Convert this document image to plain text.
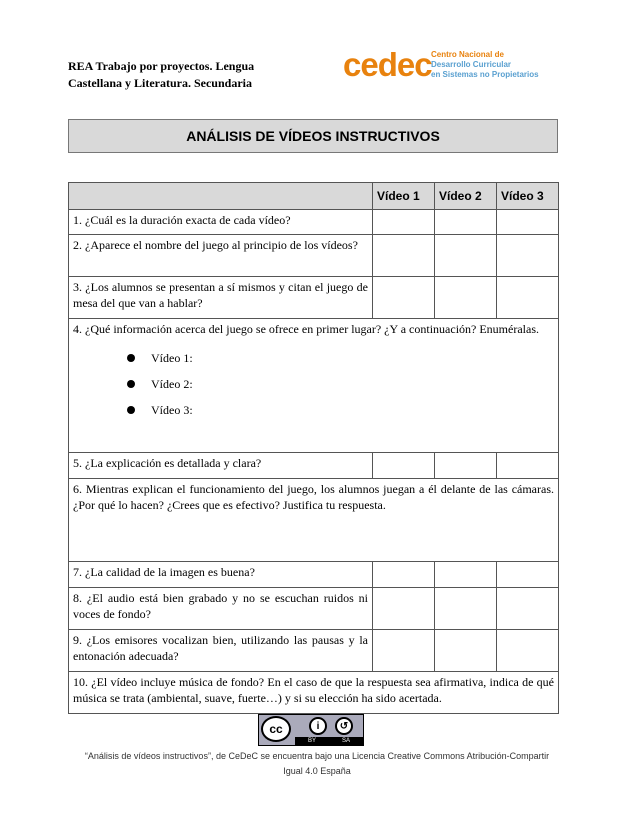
REA Trabajo por proyectos. Lengua Castellana y Literatura. Secundaria	cedec Centro Nacional de
Desarrollo Curricular
en Sistemas no Propietarios
ANÁLISIS DE VÍDEOS INSTRUCTIVOS
	Vídeo 1	Vídeo 2	Vídeo 3
1. ¿Cuál es la duración exacta de cada vídeo?			
2. ¿Aparece el nombre del juego al principio de los vídeos?			
3. ¿Los alumnos se presentan a sí mismos y citan el juego de mesa del que van a hablar?			

4. ¿Qué información acerca del juego se ofrece en primer lugar? ¿Y a continuación? Enuméralas.
Vídeo 1:
Vídeo 2:
Vídeo 3:			

5. ¿La explicación es detallada y clara?			
6. Mientras explican el funcionamiento del juego, los alumnos juegan a él delante de las cámaras. ¿Por qué lo hacen? ¿Crees que es efectivo? Justifica tu respuesta.			
7. ¿La calidad de la imagen es buena?			
8. ¿El audio está bien grabado y no se escuchan ruidos ni voces de fondo?			
9. ¿Los emisores vocalizan bien, utilizando las pausas y la entonación adecuada?			
10. ¿El vídeo incluye música de fondo? En el caso de que la respuesta sea afirmativa, indica de qué música se trata (ambiental, suave, fuerte…) y si su elección ha sido acertada.			
cc	i	↺
BY	SA
“Análisis de vídeos instructivos”, de CeDeC se encuentra bajo una Licencia Creative Commons Atribución-Compartir
Igual 4.0 España
